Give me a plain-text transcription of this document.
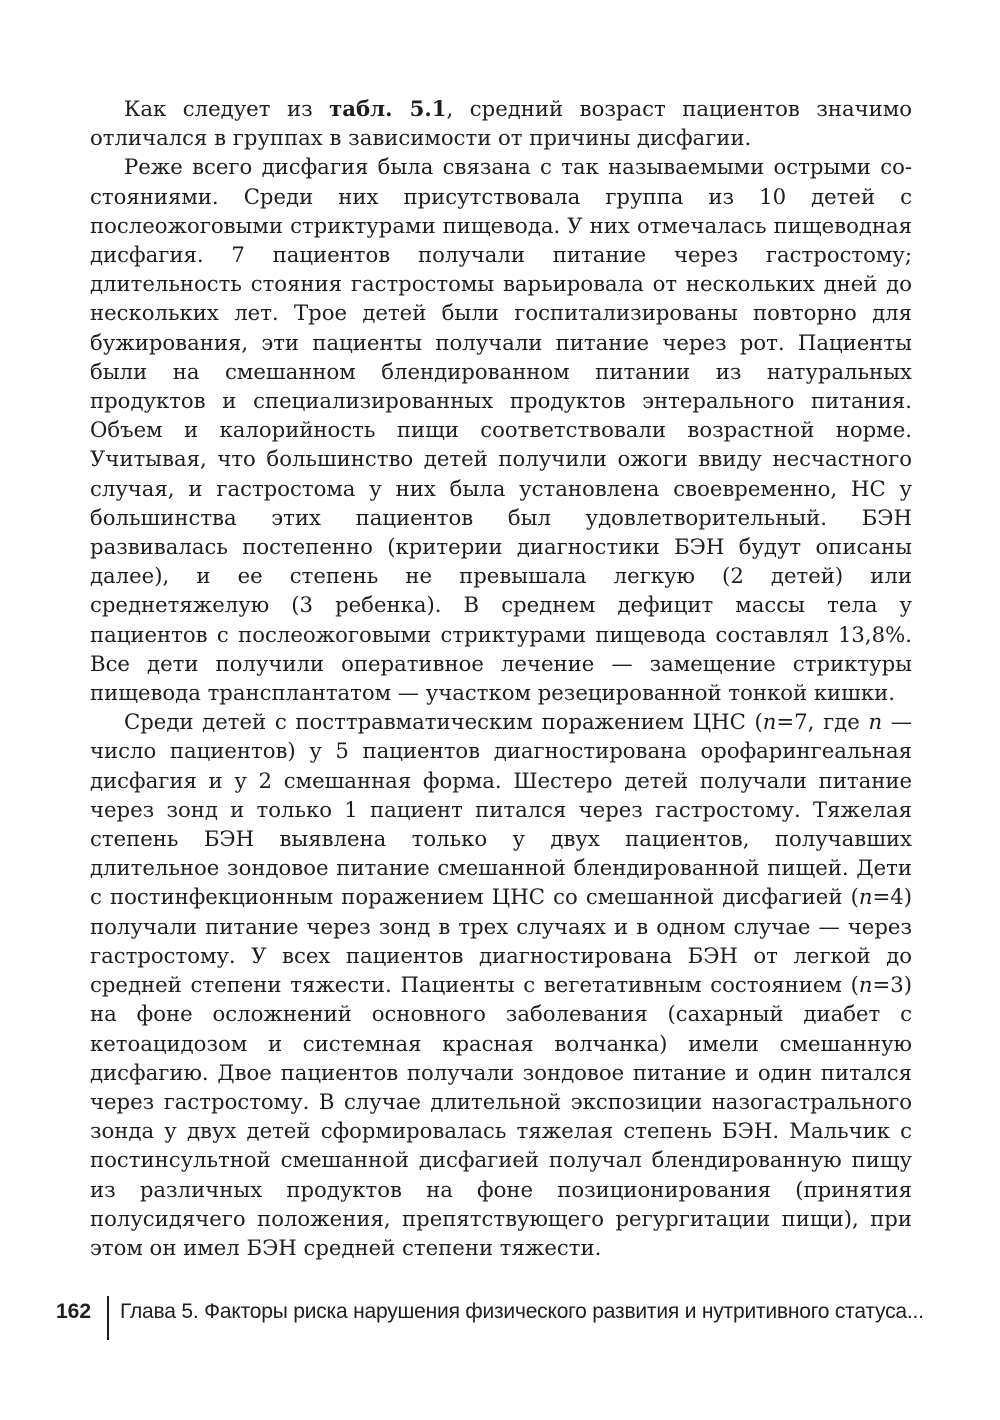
Как следует из табл. 5.1, средний возраст пациентов значимо отличался в группах в зависимости от причины дисфагии.

Реже всего дисфагия была связана с так называемыми острыми состояниями. Среди них присутствовала группа из 10 детей с послеожоговыми стриктурами пищевода. У них отмечалась пищеводная дисфагия. 7 пациентов получали питание через гастростому; длительность стояния гастростомы варьировала от нескольких дней до нескольких лет. Трое детей были госпитализированы повторно для бужирования, эти пациенты получали питание через рот. Пациенты были на смешанном блендированном питании из натуральных продуктов и специализированных продуктов энтерального питания. Объем и калорийность пищи соответствовали возрастной норме. Учитывая, что большинство детей получили ожоги ввиду несчастного случая, и гастростома у них была установлена своевременно, НС у большинства этих пациентов был удовлетворительный. БЭН развивалась постепенно (критерии диагностики БЭН будут описаны далее), и ее степень не превышала легкую (2 детей) или среднетяжелую (3 ребенка). В среднем дефицит массы тела у пациентов с послеожоговыми стриктурами пищевода составлял 13,8%. Все дети получили оперативное лечение — замещение стриктуры пищевода трансплантатом — участком резецированной тонкой кишки.

Среди детей с посттравматическим поражением ЦНС (n=7, где n — число пациентов) у 5 пациентов диагностирована орофарингеальная дисфагия и у 2 смешанная форма. Шестеро детей получали питание через зонд и только 1 пациент питался через гастростому. Тяжелая степень БЭН выявлена только у двух пациентов, получавших длительное зондовое питание смешанной блендированной пищей. Дети с постинфекционным поражением ЦНС со смешанной дисфагией (n=4) получали питание через зонд в трех случаях и в одном случае — через гастростому. У всех пациентов диагностирована БЭН от легкой до средней степени тяжести. Пациенты с вегетативным состоянием (n=3) на фоне осложнений основного заболевания (сахарный диабет с кетоацидозом и системная красная волчанка) имели смешанную дисфагию. Двое пациентов получали зондовое питание и один питался через гастростому. В случае длительной экспозиции назогастрального зонда у двух детей сформировалась тяжелая степень БЭН. Мальчик с постинсультной смешанной дисфагией получал блендированную пищу из различных продуктов на фоне позиционирования (принятия полусидячего положения, препятствующего регургитации пищи), при этом он имел БЭН средней степени тяжести.

162 Глава 5. Факторы риска нарушения физического развития и нутритивного статуса...
